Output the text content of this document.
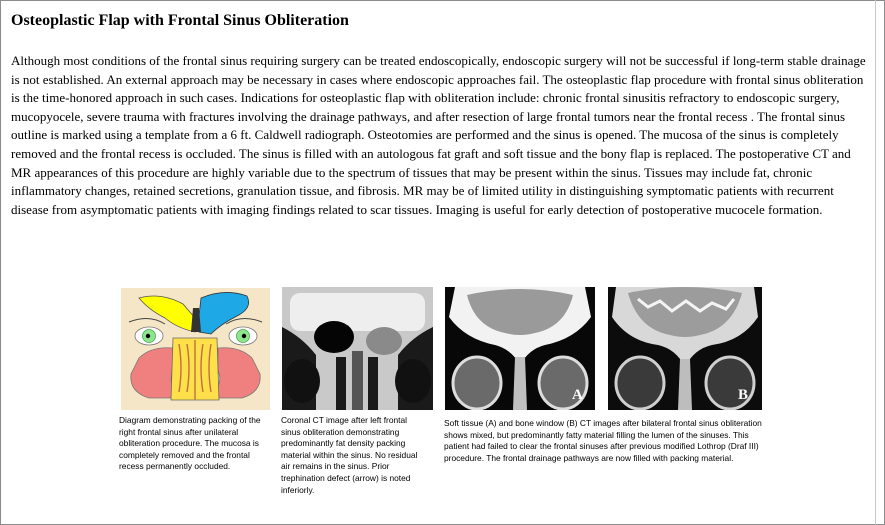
Osteoplastic Flap with Frontal Sinus Obliteration

Although most conditions of the frontal sinus requiring surgery can be treated endoscopically, endoscopic surgery will not be successful if long-term stable drainage is not established. An external approach may be necessary in cases where endoscopic approaches fail. The osteoplastic flap procedure with frontal sinus obliteration is the time-honored approach in such cases. Indications for osteoplastic flap with obliteration include: chronic frontal sinusitis refractory to endoscopic surgery, mucopyocele, severe trauma with fractures involving the drainage pathways, and after resection of large frontal tumors near the frontal recess . The frontal sinus outline is marked using a template from a 6 ft. Caldwell radiograph. Osteotomies are performed and the sinus is opened. The mucosa of the sinus is completely removed and the frontal recess is occluded. The sinus is filled with an autologous fat graft and soft tissue and the bony flap is replaced. The postoperative CT and MR appearances of this procedure are highly variable due to the spectrum of tissues that may be present within the sinus. Tissues may include fat, chronic inflammatory changes, retained secretions, granulation tissue, and fibrosis. MR may be of limited utility in distinguishing symptomatic patients with recurrent disease from asymptomatic patients with imaging findings related to scar tissues. Imaging is useful for early detection of postoperative mucocele formation.

Diagram demonstrating packing of the right frontal sinus after unilateral obliteration procedure. The mucosa is completely removed and the frontal recess permanently occluded.

Coronal CT image after left frontal sinus obliteration demonstrating predominantly fat density packing material within the sinus. No residual air remains in the sinus. Prior trephination defect (arrow) is noted inferiorly.

A	B

Soft tissue (A) and bone window (B) CT images after bilateral frontal sinus obliteration shows mixed, but predominantly fatty material filling the lumen of the sinuses. This patient had failed to clear the frontal sinuses after previous modified Lothrop (Draf III) procedure. The frontal drainage pathways are now filled with packing material.
